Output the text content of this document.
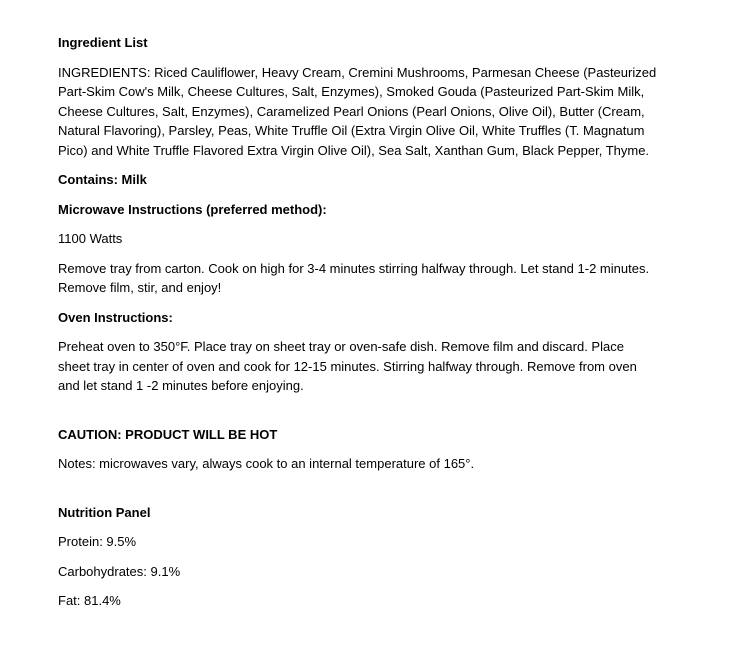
Ingredient List
INGREDIENTS: Riced Cauliflower, Heavy Cream, Cremini Mushrooms, Parmesan Cheese (Pasteurized
Part-Skim Cow's Milk, Cheese Cultures, Salt, Enzymes), Smoked Gouda (Pasteurized Part-Skim Milk,
Cheese Cultures, Salt, Enzymes), Caramelized Pearl Onions (Pearl Onions, Olive Oil), Butter (Cream,
Natural Flavoring), Parsley, Peas, White Truffle Oil (Extra Virgin Olive Oil, White Truffles (T. Magnatum
Pico) and White Truffle Flavored Extra Virgin Olive Oil), Sea Salt, Xanthan Gum, Black Pepper, Thyme.
Contains: Milk
Microwave Instructions (preferred method):
1100 Watts
Remove tray from carton. Cook on high for 3-4 minutes stirring halfway through. Let stand 1-2 minutes.
Remove film, stir, and enjoy!
Oven Instructions:
Preheat oven to 350°F. Place tray on sheet tray or oven-safe dish. Remove film and discard. Place
sheet tray in center of oven and cook for 12-15 minutes. Stirring halfway through. Remove from oven
and let stand 1 -2 minutes before enjoying.
CAUTION: PRODUCT WILL BE HOT
Notes: microwaves vary, always cook to an internal temperature of 165°.
Nutrition Panel
Protein: 9.5%
Carbohydrates: 9.1%
Fat: 81.4%
